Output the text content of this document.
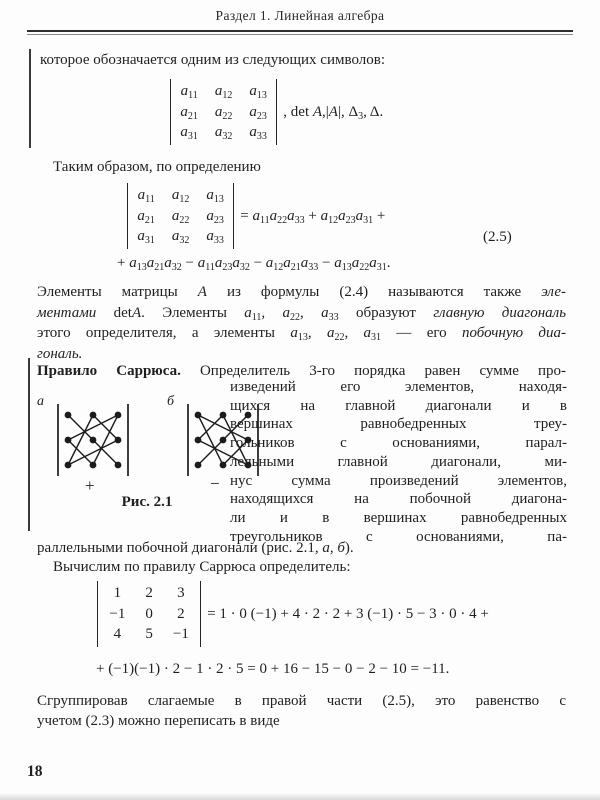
Раздел 1. Линейная алгебра
которое обозначается одним из следующих символов:
$a_{11}$ $a_{12}$ $a_{13}$
$a_{21}$ $a_{22}$ $a_{23}$
$a_{31}$ $a_{32}$ $a_{33}$
, det A,|A|, $\Delta_3$, Δ.
Таким образом, по определению
$a_{11}$ $a_{12}$ $a_{13}$
$a_{21}$ $a_{22}$ $a_{23}$
$a_{31}$ $a_{32}$ $a_{33}$
= $a_{11}a_{22}a_{33} + a_{12}a_{23}a_{31}$ +
(2.5)
+ $a_{13}a_{21}a_{32} - a_{11}a_{23}a_{32} - a_{12}a_{21}a_{33} - a_{13}a_{22}a_{31}$.
Элементы матрицы A из формулы (2.4) называются также эле-
ментами detA. Элементы $a_{11}$, $a_{22}$, $a_{33}$ образуют главную диагональ
этого определителя, а элементы $a_{13}$, $a_{22}$, $a_{31}$ — его побочную диа-
гональ.
Правило Саррюса. Определитель 3-го порядка равен сумме про-
а	б
+	−
Рис. 2.1
изведений его элементов, находя-
щихся на главной диагонали и в
вершинах равнобедренных треу-
гольников с основаниями, парал-
лельными главной диагонали, ми-
нус сумма произведений элементов,
находящихся на побочной диагона-
ли и в вершинах равнобедренных
треугольников с основаниями, па-
раллельными побочной диагонали (рис. 2.1, а, б).
Вычислим по правилу Саррюса определитель:
1 2 3
−1 0 2
4 5 −1
= 1 · 0 (−1) + 4 · 2 · 2 + 3 (−1) · 5 − 3 · 0 · 4 +
+ (−1)(−1) · 2 − 1 · 2 · 5 = 0 + 16 − 15 − 0 − 2 − 10 = −11.
Сгруппировав слагаемые в правой части (2.5), это равенство с
учетом (2.3) можно переписать в виде
18
